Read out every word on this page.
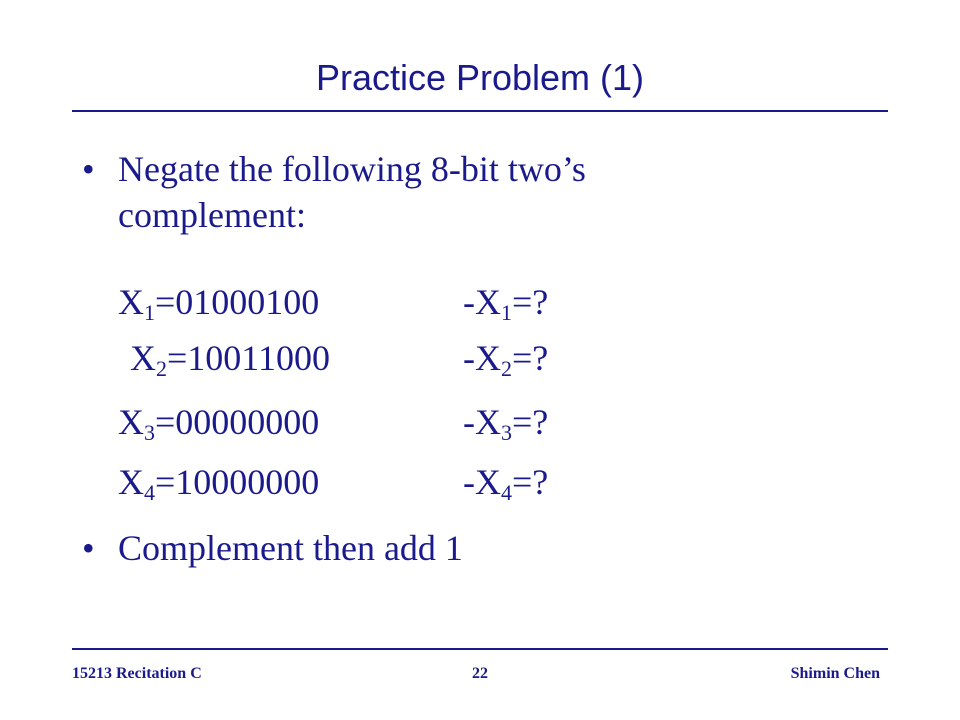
Practice Problem (1)
• Negate the following 8-bit two’s complement:
$X_1=01000100$	$-X_1=$?
$X_2=10011000$	$-X_2=$?
$X_3=00000000$	$-X_3=$?
$X_4=10000000$	$-X_4=$?
• Complement then add 1
15213 Recitation C	22	Shimin Chen
